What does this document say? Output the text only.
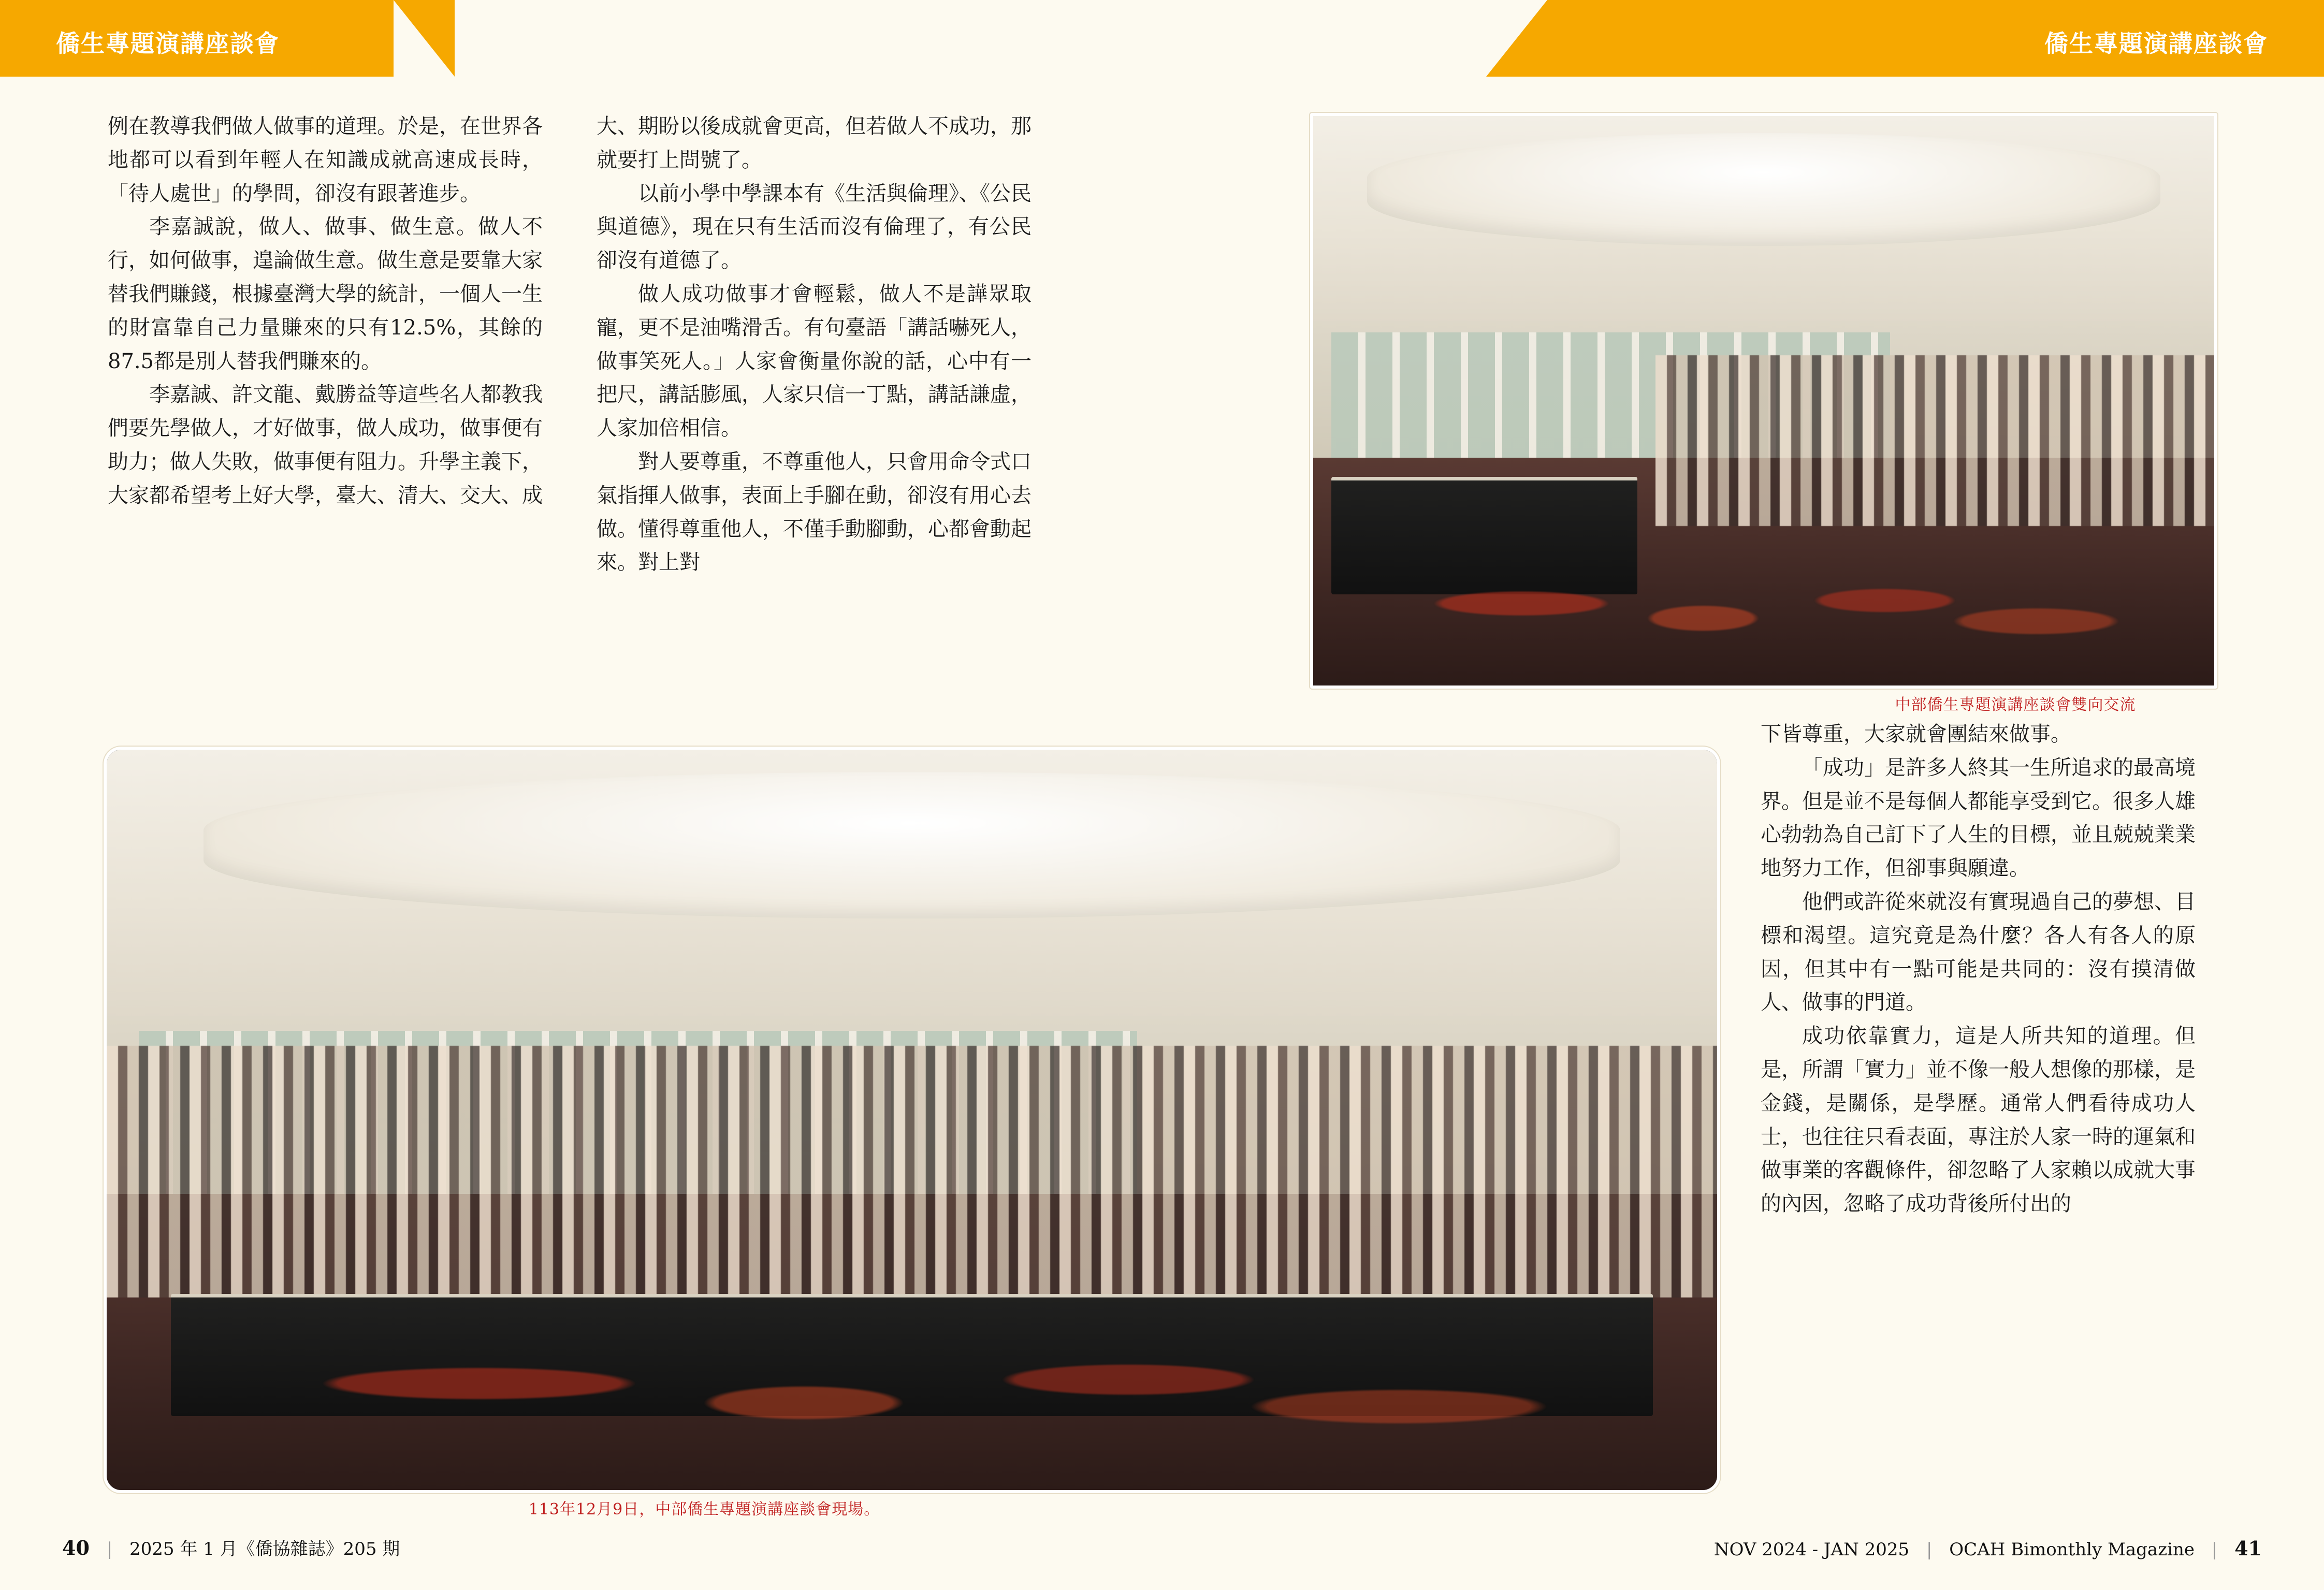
僑生專題演講座談會	僑生專題演講座談會

例在教導我們做人做事的道理。於是，在世界各地都可以看到年輕人在知識成就高速成長時，「待人處世」的學問，卻沒有跟著進步。

李嘉誠說，做人、做事、做生意。做人不行，如何做事，遑論做生意。做生意是要靠大家替我們賺錢，根據臺灣大學的統計，一個人一生的財富靠自己力量賺來的只有12.5%，其餘的87.5都是別人替我們賺來的。

李嘉誠、許文龍、戴勝益等這些名人都教我們要先學做人，才好做事，做人成功，做事便有助力；做人失敗，做事便有阻力。升學主義下，大家都希望考上好大學，臺大、清大、交大、成

大、期盼以後成就會更高，但若做人不成功，那就要打上問號了。

以前小學中學課本有《生活與倫理》、《公民與道德》，現在只有生活而沒有倫理了，有公民卻沒有道德了。

做人成功做事才會輕鬆，做人不是譁眾取寵，更不是油嘴滑舌。有句臺語「講話嚇死人，做事笑死人。」人家會衡量你說的話，心中有一把尺，講話膨風，人家只信一丁點，講話謙虛，人家加倍相信。

對人要尊重，不尊重他人，只會用命令式口氣指揮人做事，表面上手腳在動，卻沒有用心去做。懂得尊重他人，不僅手動腳動，心都會動起來。對上對

下皆尊重，大家就會團結來做事。

「成功」是許多人終其一生所追求的最高境界。但是並不是每個人都能享受到它。很多人雄心勃勃為自己訂下了人生的目標，並且兢兢業業地努力工作，但卻事與願違。

他們或許從來就沒有實現過自己的夢想、目標和渴望。這究竟是為什麼？各人有各人的原因，但其中有一點可能是共同的：沒有摸清做人、做事的門道。

成功依靠實力，這是人所共知的道理。但是，所謂「實力」並不像一般人想像的那樣，是金錢，是關係，是學歷。通常人們看待成功人士，也往往只看表面，專注於人家一時的運氣和做事業的客觀條件，卻忽略了人家賴以成就大事的內因，忽略了成功背後所付出的

中部僑生專題演講座談會雙向交流
113年12月9日，中部僑生專題演講座談會現場。
40 | 2025 年 1 月《僑協雜誌》205 期	NOV 2024 - JAN 2025 | OCAH Bimonthly Magazine | 41
